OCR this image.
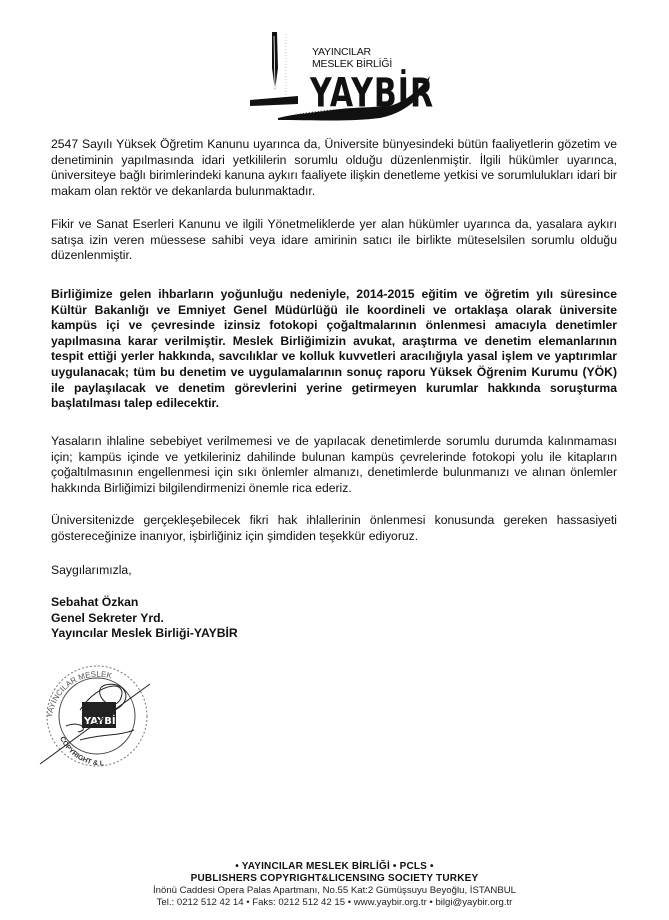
YAYINCILAR
MESLEK BİRLİĞİ
YAYBİR
2547 Sayılı Yüksek Öğretim Kanunu uyarınca da, Üniversite bünyesindeki bütün faaliyetlerin gözetim ve denetiminin yapılmasında idari yetkililerin sorumlu olduğu düzenlenmiştir. İlgili hükümler uyarınca, üniversiteye bağlı birimlerindeki kanuna aykırı faaliyete ilişkin denetleme yetkisi ve sorumlulukları idari bir makam olan rektör ve dekanlarda bulunmaktadır.
Fikir ve Sanat Eserleri Kanunu ve ilgili Yönetmeliklerde yer alan hükümler uyarınca da, yasalara aykırı satışa izin veren müessese sahibi veya idare amirinin satıcı ile birlikte müteselsilen sorumlu olduğu düzenlenmiştir.
Birliğimize gelen ihbarların yoğunluğu nedeniyle, 2014-2015 eğitim ve öğretim yılı süresince Kültür Bakanlığı ve Emniyet Genel Müdürlüğü ile koordineli ve ortaklaşa olarak üniversite kampüs içi ve çevresinde izinsiz fotokopi çoğaltmalarının önlenmesi amacıyla denetimler yapılmasına karar verilmiştir. Meslek Birliğimizin avukat, araştırma ve denetim elemanlarının tespit ettiği yerler hakkında, savcılıklar ve kolluk kuvvetleri aracılığıyla yasal işlem ve yaptırımlar uygulanacak; tüm bu denetim ve uygulamalarının sonuç raporu Yüksek Öğrenim Kurumu (YÖK) ile paylaşılacak ve denetim görevlerini yerine getirmeyen kurumlar hakkında soruşturma başlatılması talep edilecektir.
Yasaların ihlaline sebebiyet verilmemesi ve de yapılacak denetimlerde sorumlu durumda kalınmaması için; kampüs içinde ve yetkileriniz dahilinde bulunan kampüs çevrelerinde fotokopi yolu ile kitapların çoğaltılmasının engellenmesi için sıkı önlemler almanızı, denetimlerde bulunmanızı ve alınan önlemler hakkında Birliğimizi bilgilendirmenizi önemle rica ederiz.
Üniversitenizde gerçekleşebilecek fikri hak ihlallerinin önlenmesi konusunda gereken hassasiyeti göstereceğinize inanıyor, işbirliğiniz için şimdiden teşekkür ediyoruz.
Saygılarımızla,
Sebahat Özkan
Genel Sekreter Yrd.
Yayıncılar Meslek Birliği-YAYBİR
YAYINCILAR MESLEK
COPYRIGHT & L
YAYBİR
• YAYINCILAR MESLEK BİRLİĞİ • PCLS •
PUBLISHERS COPYRIGHT&LICENSING SOCIETY TURKEY
İnönü Caddesi Opera Palas Apartmanı, No.55 Kat:2 Gümüşsuyu Beyoğlu, İSTANBUL
Tel.: 0212 512 42 14 • Faks: 0212 512 42 15 • www.yaybir.org.tr • bilgi@yaybir.org.tr
